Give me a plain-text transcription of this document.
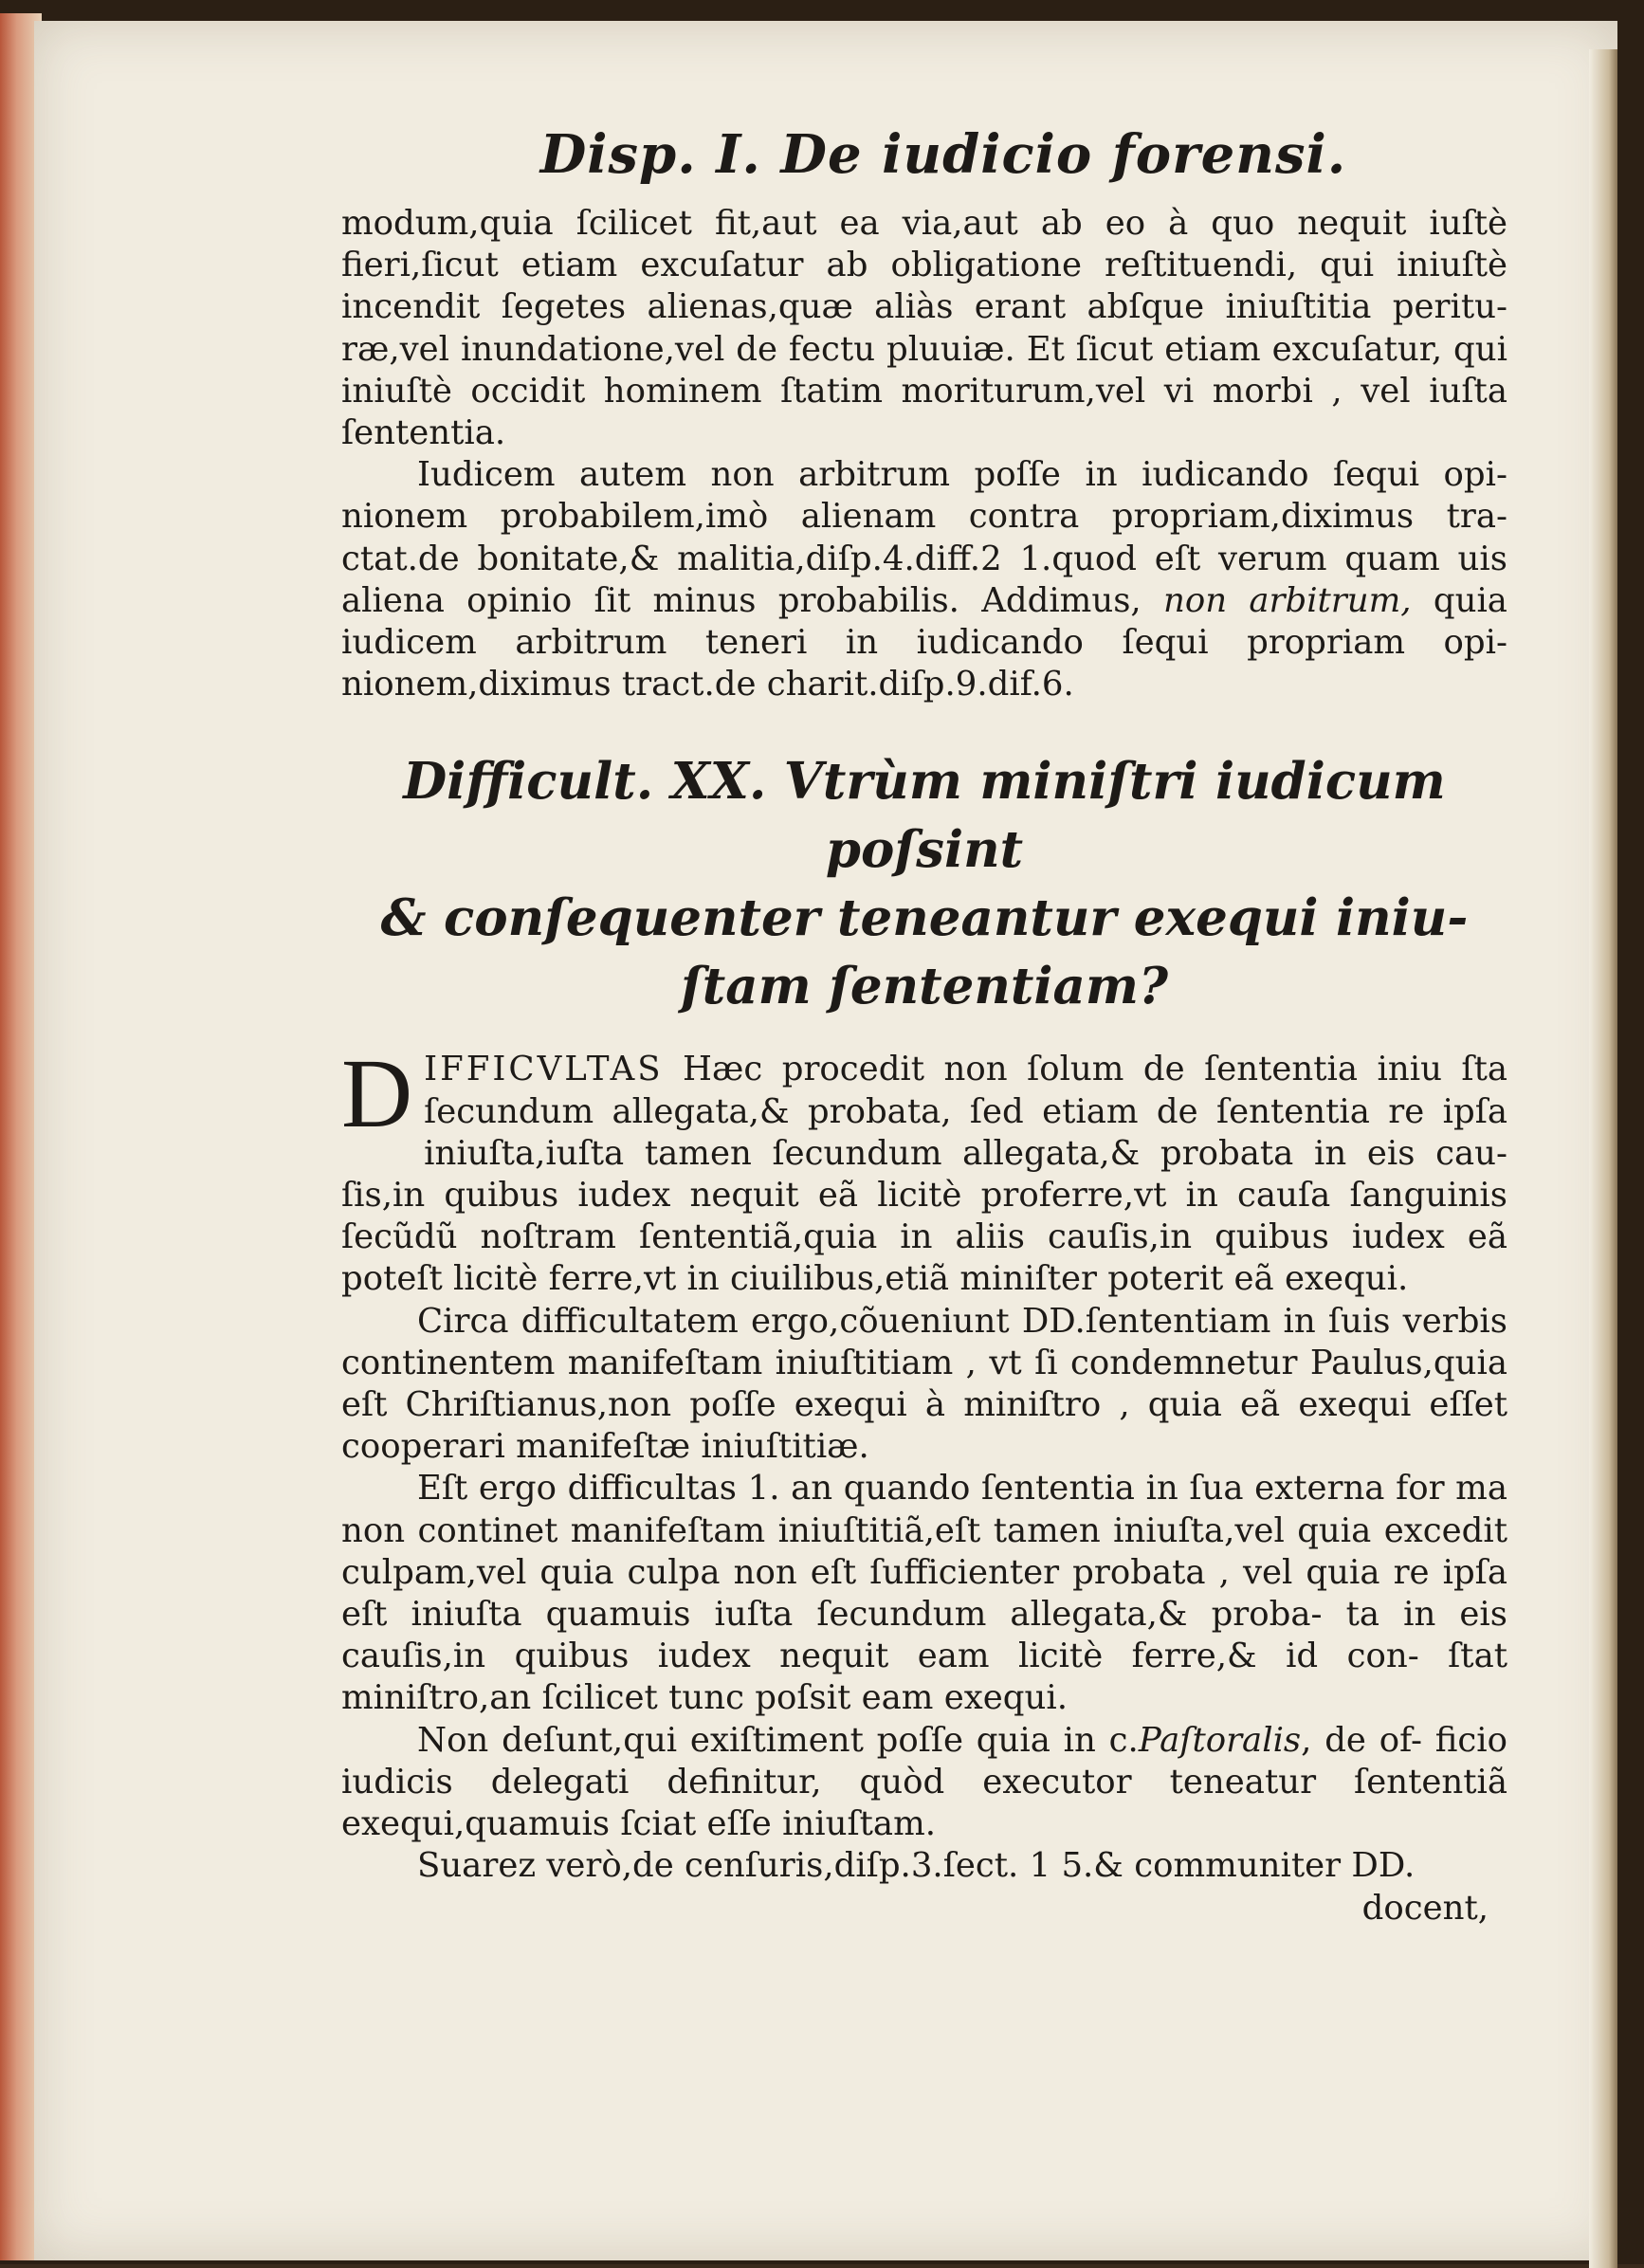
Disp. I. De iudicio forensi.

modum,quia ſcilicet fit,aut ea via,aut ab eo à quo nequit iuſtè fieri,ſicut etiam excuſatur ab obligatione reſtituendi, qui iniuſtè incendit ſegetes alienas,quæ aliàs erant abſque iniuſtitia peritu- ræ,vel inundatione,vel de fectu pluuiæ. Et ſicut etiam excuſatur, qui iniuſtè occidit hominem ſtatim moriturum,vel vi morbi , vel iuſta ſententia.

Iudicem autem non arbitrum poſſe in iudicando ſequi opi- nionem probabilem,imò alienam contra propriam,diximus tra- ctat.de bonitate,& malitia,diſp.4.diff.2 1.quod eſt verum quam uis aliena opinio ſit minus probabilis. Addimus, non arbitrum, quia iudicem arbitrum teneri in iudicando ſequi propriam opi- nionem,diximus tract.de charit.diſp.9.dif.6.

Difficult. XX. Vtrùm miniſtri iudicum poſsint
& conſequenter teneantur exequi iniu-
ſtam ſententiam?

DIFFICVLTAS Hæc procedit non ſolum de ſententia iniu ſta ſecundum allegata,& probata, ſed etiam de ſententia re ipſa iniuſta,iuſta tamen ſecundum allegata,& probata in eis cau- ſis,in quibus iudex nequit eã licitè proferre,vt in cauſa ſanguinis ſecũdũ noſtram ſententiã,quia in aliis cauſis,in quibus iudex eã poteſt licitè ferre,vt in ciuilibus,etiã miniſter poterit eã exequi.

Circa difficultatem ergo,cõueniunt DD.ſententiam in ſuis verbis continentem manifeſtam iniuſtitiam , vt ſi condemnetur Paulus,quia eſt Chriſtianus,non poſſe exequi à miniſtro , quia eã exequi eſſet cooperari manifeſtæ iniuſtitiæ.

Eſt ergo difficultas 1. an quando ſententia in ſua externa for ma non continet manifeſtam iniuſtitiã,eſt tamen iniuſta,vel quia excedit culpam,vel quia culpa non eſt ſufficienter probata , vel quia re ipſa eſt iniuſta quamuis iuſta ſecundum allegata,& proba- ta in eis cauſis,in quibus iudex nequit eam licitè ferre,& id con- ſtat miniſtro,an ſcilicet tunc poſsit eam exequi.

Non deſunt,qui exiſtiment poſſe quia in c.Paſtoralis, de of- ficio iudicis delegati definitur, quòd executor teneatur ſententiã exequi,quamuis ſciat eſſe iniuſtam.

Suarez verò,de cenſuris,diſp.3.ſect. 1 5.& communiter DD.

docent,
